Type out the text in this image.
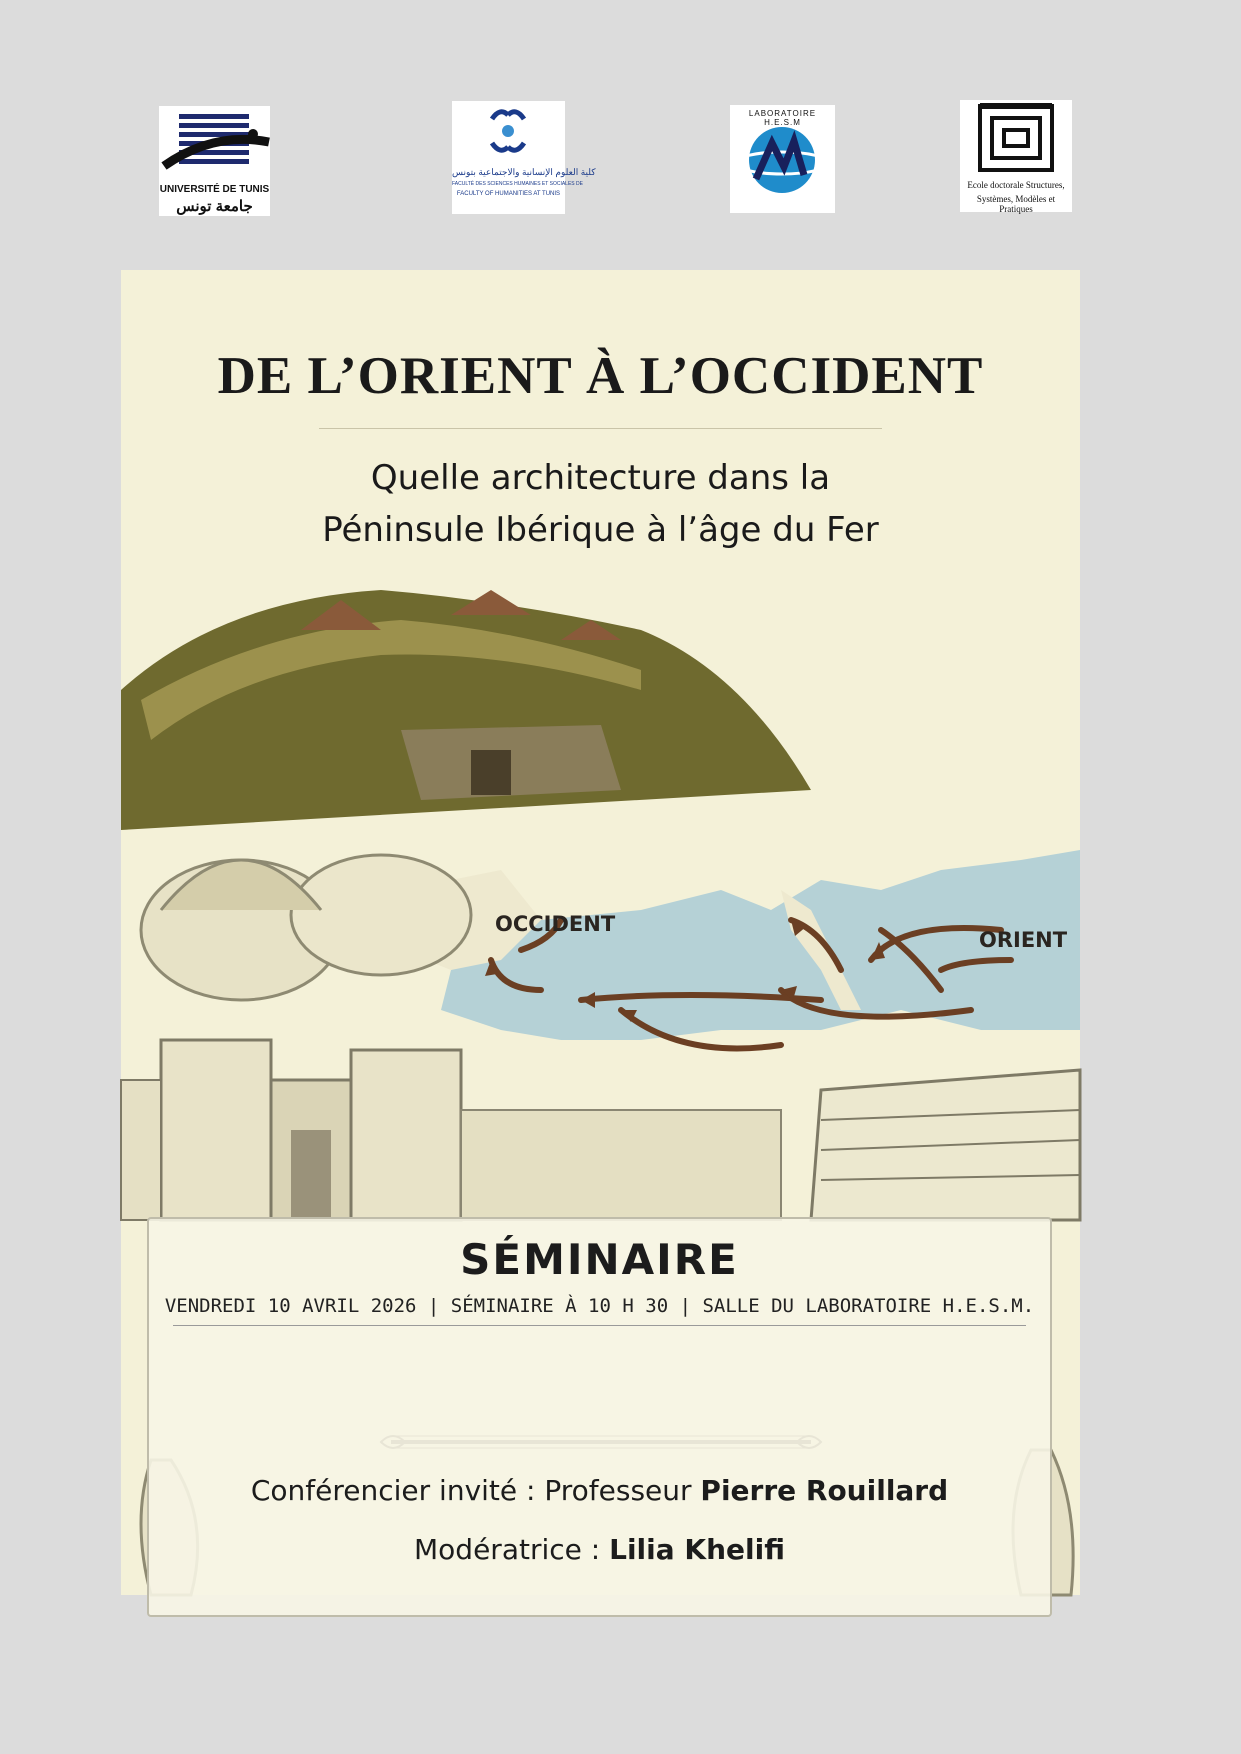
UNIVERSITÉ DE TUNIS
جامعة تونس
كلية العلوم الإنسانية والاجتماعية بتونس
FACULTÉ DES SCIENCES HUMAINES ET SOCIALES DE
FACULTY OF HUMANITIES AT TUNIS
LABORATOIRE H.E.S.M
Ecole doctorale Structures,
Systèmes, Modèles et Pratiques
DE L’ORIENT À L’OCCIDENT
Quelle architecture dans la
Péninsule Ibérique à l’âge du Fer
OCCIDENT
ORIENT
SÉMINAIRE
VENDREDI 10 AVRIL 2026 | SÉMINAIRE À 10 H 30 | SALLE DU LABORATOIRE H.E.S.M.
Conférencier invité : Professeur Pierre Rouillard
Modératrice : Lilia Khelifi
